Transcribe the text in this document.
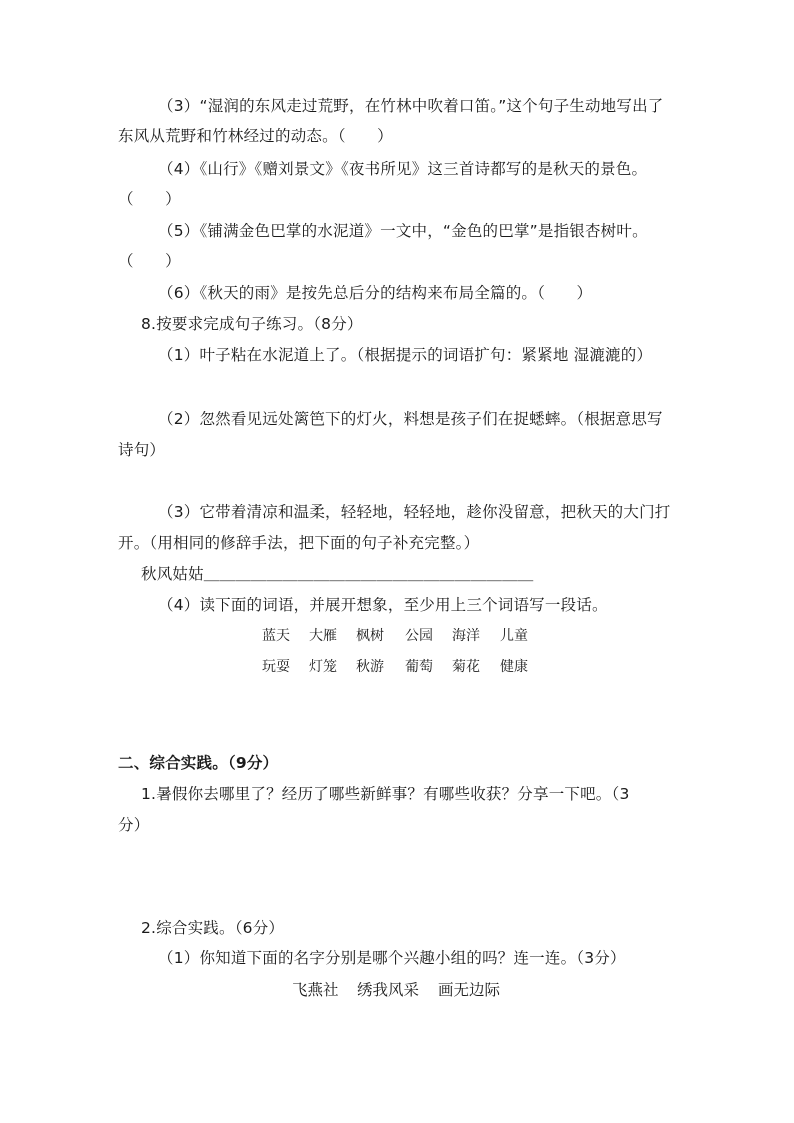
（3）“湿润的东风走过荒野，在竹林中吹着口笛。”这个句子生动地写出了
东风从荒野和竹林经过的动态。（　　）
（4）《山行》《赠刘景文》《夜书所见》这三首诗都写的是秋天的景色。
（　　）
（5）《铺满金色巴掌的水泥道》一文中，“金色的巴掌”是指银杏树叶。
（　　）
（6）《秋天的雨》是按先总后分的结构来布局全篇的。（　　）
8.按要求完成句子练习。（8分）
（1）叶子粘在水泥道上了。（根据提示的词语扩句：紧紧地 湿漉漉的）
（2）忽然看见远处篱笆下的灯火，料想是孩子们在捉蟋蟀。（根据意思写
诗句）
（3）它带着清凉和温柔，轻轻地，轻轻地，趁你没留意，把秋天的大门打
开。（用相同的修辞手法，把下面的句子补充完整。）
秋风姑姑＿＿＿＿＿＿＿＿＿＿＿＿＿＿＿＿＿＿＿＿＿
（4）读下面的词语，并展开想象，至少用上三个词语写一段话。
蓝天 大雁 枫树 公园 海洋 儿童
玩耍 灯笼 秋游 葡萄 菊花 健康
二、综合实践。（9分）
1.暑假你去哪里了？经历了哪些新鲜事？有哪些收获？分享一下吧。（3
分）
2.综合实践。（6分）
（1）你知道下面的名字分别是哪个兴趣小组的吗？连一连。（3分）
飞燕社 绣我风采 画无边际
